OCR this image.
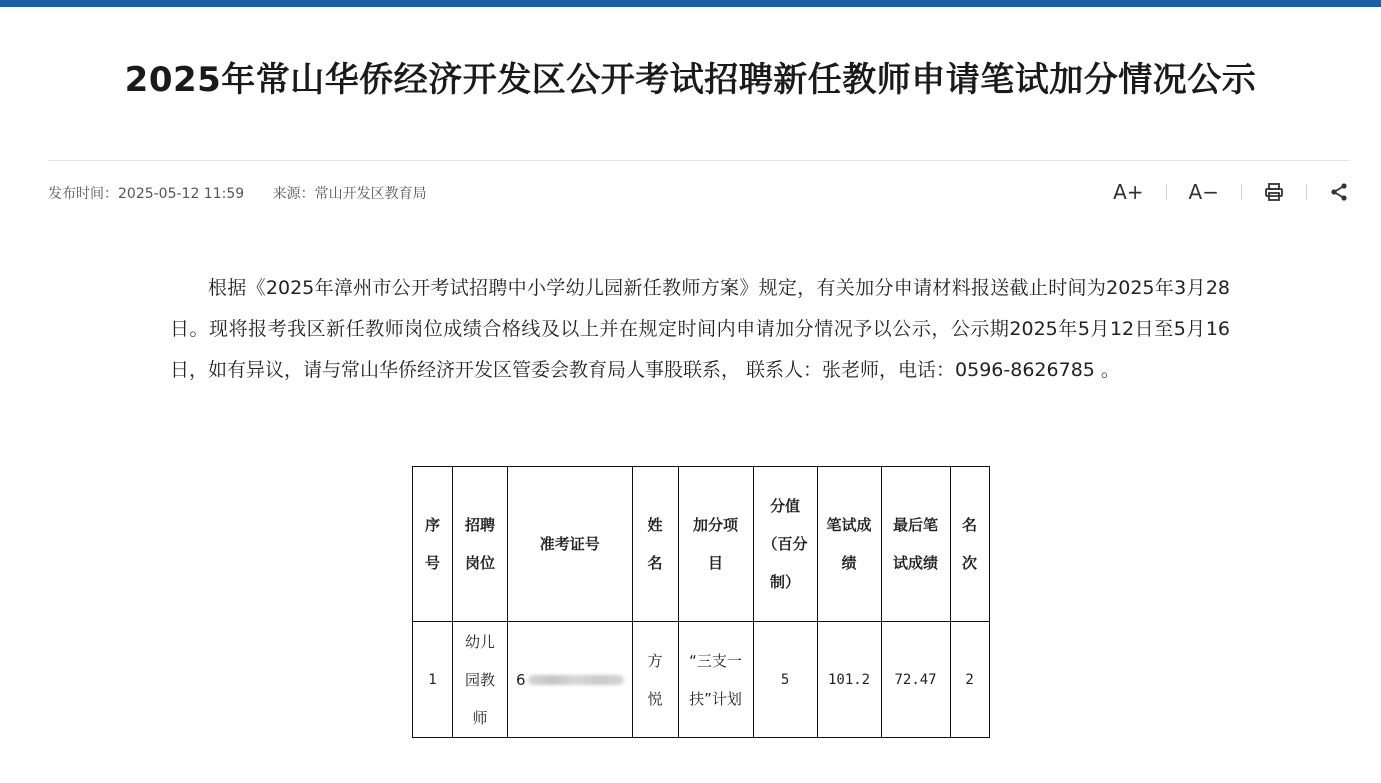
2025年常山华侨经济开发区公开考试招聘新任教师申请笔试加分情况公示
发布时间：2025-05-12 11:59 来源：常山开发区教育局	A+ A−

根据《2025年漳州市公开考试招聘中小学幼儿园新任教师方案》规定，有关加分申请材料报送截止时间为2025年3月28日。现将报考我区新任教师岗位成绩合格线及以上并在规定时间内申请加分情况予以公示，公示期2025年5月12日至5月16日，如有异议，请与常山华侨经济开发区管委会教育局人事股联系， 联系人：张老师，电话：0596-8626785 。

序号	招聘岗位	准考证号	姓名	加分项目	分值（百分制）	笔试成绩	最后笔试成绩	名次
1	幼儿园教师	6	方悦	“三支一扶”计划	5	101.2	72.47	2
